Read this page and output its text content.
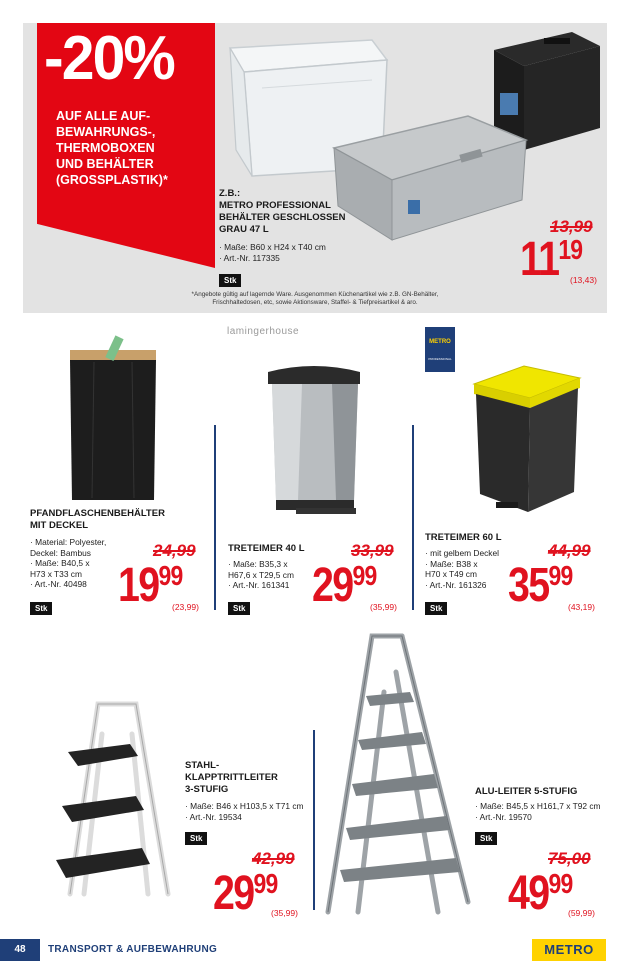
-20%
AUF ALLE AUF-
BEWAHRUNGS-,
THERMOBOXEN
UND BEHÄLTER
(GROSSPLASTIK)*
Z.B.:
METRO PROFESSIONAL
BEHÄLTER GESCHLOSSEN
GRAU 47 L
· Maße: B60 x H24 x T40 cm
· Art.-Nr. 117335
Stk
13,99
1119
(13,43)
*Angebote gültig auf lagernde Ware. Ausgenommen Küchenartikel wie z.B. GN-Behälter,
Frischhaltedosen, etc, sowie Aktionsware, Staffel- & Tiefpreisartikel & aro.
lamingerhouse
METRO
PROFESSIONAL
PFANDFLASCHENBEHÄLTER
MIT DECKEL
· Material: Polyester,
Deckel: Bambus
· Maße: B40,5 x
H73 x T33 cm
· Art.-Nr. 40498
Stk
24,99
1999
(23,99)
TRETEIMER 40 L
· Maße: B35,3 x
H67,6 x T29,5 cm
· Art.-Nr. 161341
Stk
33,99
2999
(35,99)
TRETEIMER 60 L
· mit gelbem Deckel
· Maße: B38 x
H70 x T49 cm
· Art.-Nr. 161326
Stk
44,99
3599
(43,19)
STAHL-
KLAPPTRITTLEITER
3-STUFIG
· Maße: B46 x H103,5 x T71 cm
· Art.-Nr. 19534
Stk
42,99
2999
(35,99)
ALU-LEITER 5-STUFIG
· Maße: B45,5 x H161,7 x T92 cm
· Art.-Nr. 19570
Stk
75,00
4999
(59,99)
48	TRANSPORT & AUFBEWAHRUNG	METRO
